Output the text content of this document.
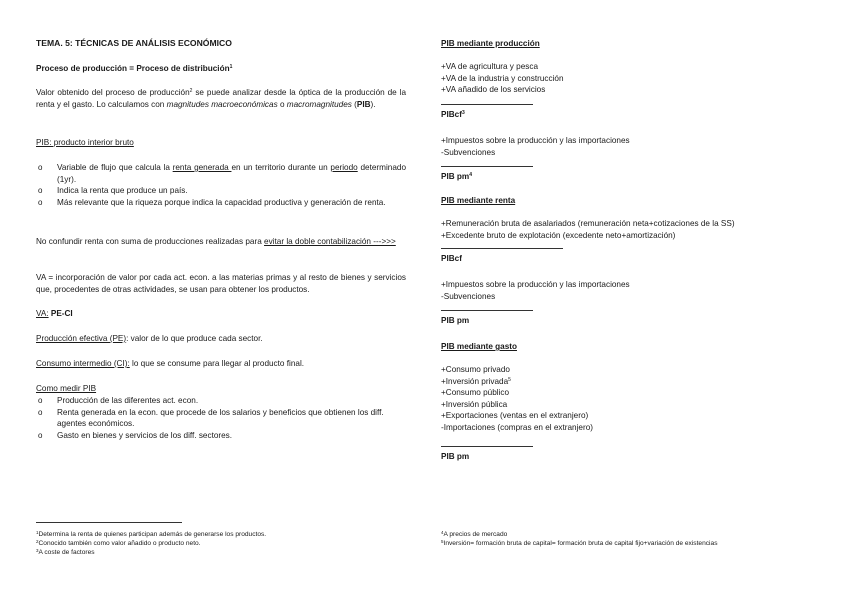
TEMA. 5: TÉCNICAS DE ANÁLISIS ECONÓMICO
Proceso de producción = Proceso de distribución$^1$
Valor obtenido del proceso de producción$^2$ se puede analizar desde la óptica de la producción de la renta y el gasto. Lo calculamos con magnitudes macroeconómicas o macromagnitudes (PIB).
PIB: producto interior bruto
o Variable de flujo que calcula la renta generada en un territorio durante un periodo determinado (1yr).
o Indica la renta que produce un país.
o Más relevante que la riqueza porque indica la capacidad productiva y generación de renta.
No confundir renta con suma de producciones realizadas para evitar la doble contabilización --->>>
VA = incorporación de valor por cada act. econ. a las materias primas y al resto de bienes y servicios que, procedentes de otras actividades, se usan para obtener los productos.
VA: PE-CI
Producción efectiva (PE): valor de lo que produce cada sector.
Consumo intermedio (CI): lo que se consume para llegar al producto final.
Como medir PIB
o Producción de las diferentes act. econ.
o Renta generada en la econ. que procede de los salarios y beneficios que obtienen los diff. agentes económicos.
o Gasto en bienes y servicios de los diff. sectores.
$^1$Determina la renta de quienes participan además de generarse los productos.
$^2$Conocido también como valor añadido o producto neto.
$^3$A coste de factores
PIB mediante producción
+VA de agricultura y pesca
+VA de la industria y construcción
+VA añadido de los servicios
PIBcf$^3$
+Impuestos sobre la producción y las importaciones
-Subvenciones
PIB $pm^4$
PIB mediante renta
+Remuneración bruta de asalariados (remuneración neta+cotizaciones de la SS)
+Excedente bruto de explotación (excedente neto+amortización)
PIBcf
+Impuestos sobre la producción y las importaciones
-Subvenciones
PIB pm
PIB mediante gasto
+Consumo privado
+Inversión privada$^5$
+Consumo público
+Inversión pública
+Exportaciones (ventas en el extranjero)
-Importaciones (compras en el extranjero)
PIB pm
$^4$A precios de mercado
$^5$Inversión= formación bruta de capital= formación bruta de capital fijo+variación de existencias
